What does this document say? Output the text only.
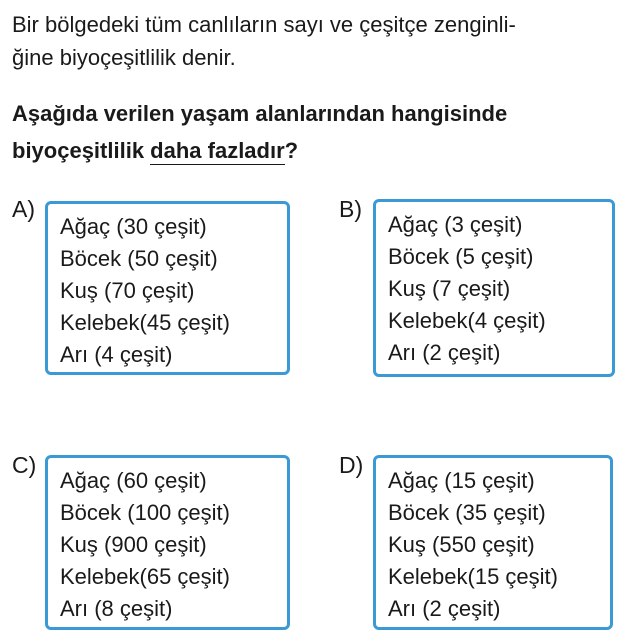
Bir bölgedeki tüm canlıların sayı ve çeşitçe zenginli-
ğine biyoçeşitlilik denir.
Aşağıda verilen yaşam alanlarından hangisinde
biyoçeşitlilik daha fazladır?
A)
Ağaç (30 çeşit)
Böcek (50 çeşit)
Kuş (70 çeşit)
Kelebek(45 çeşit)
Arı (4 çeşit)
B)
Ağaç (3 çeşit)
Böcek (5 çeşit)
Kuş (7 çeşit)
Kelebek(4 çeşit)
Arı (2 çeşit)
C)
Ağaç (60 çeşit)
Böcek (100 çeşit)
Kuş (900 çeşit)
Kelebek(65 çeşit)
Arı (8 çeşit)
D)
Ağaç (15 çeşit)
Böcek (35 çeşit)
Kuş (550 çeşit)
Kelebek(15 çeşit)
Arı (2 çeşit)
